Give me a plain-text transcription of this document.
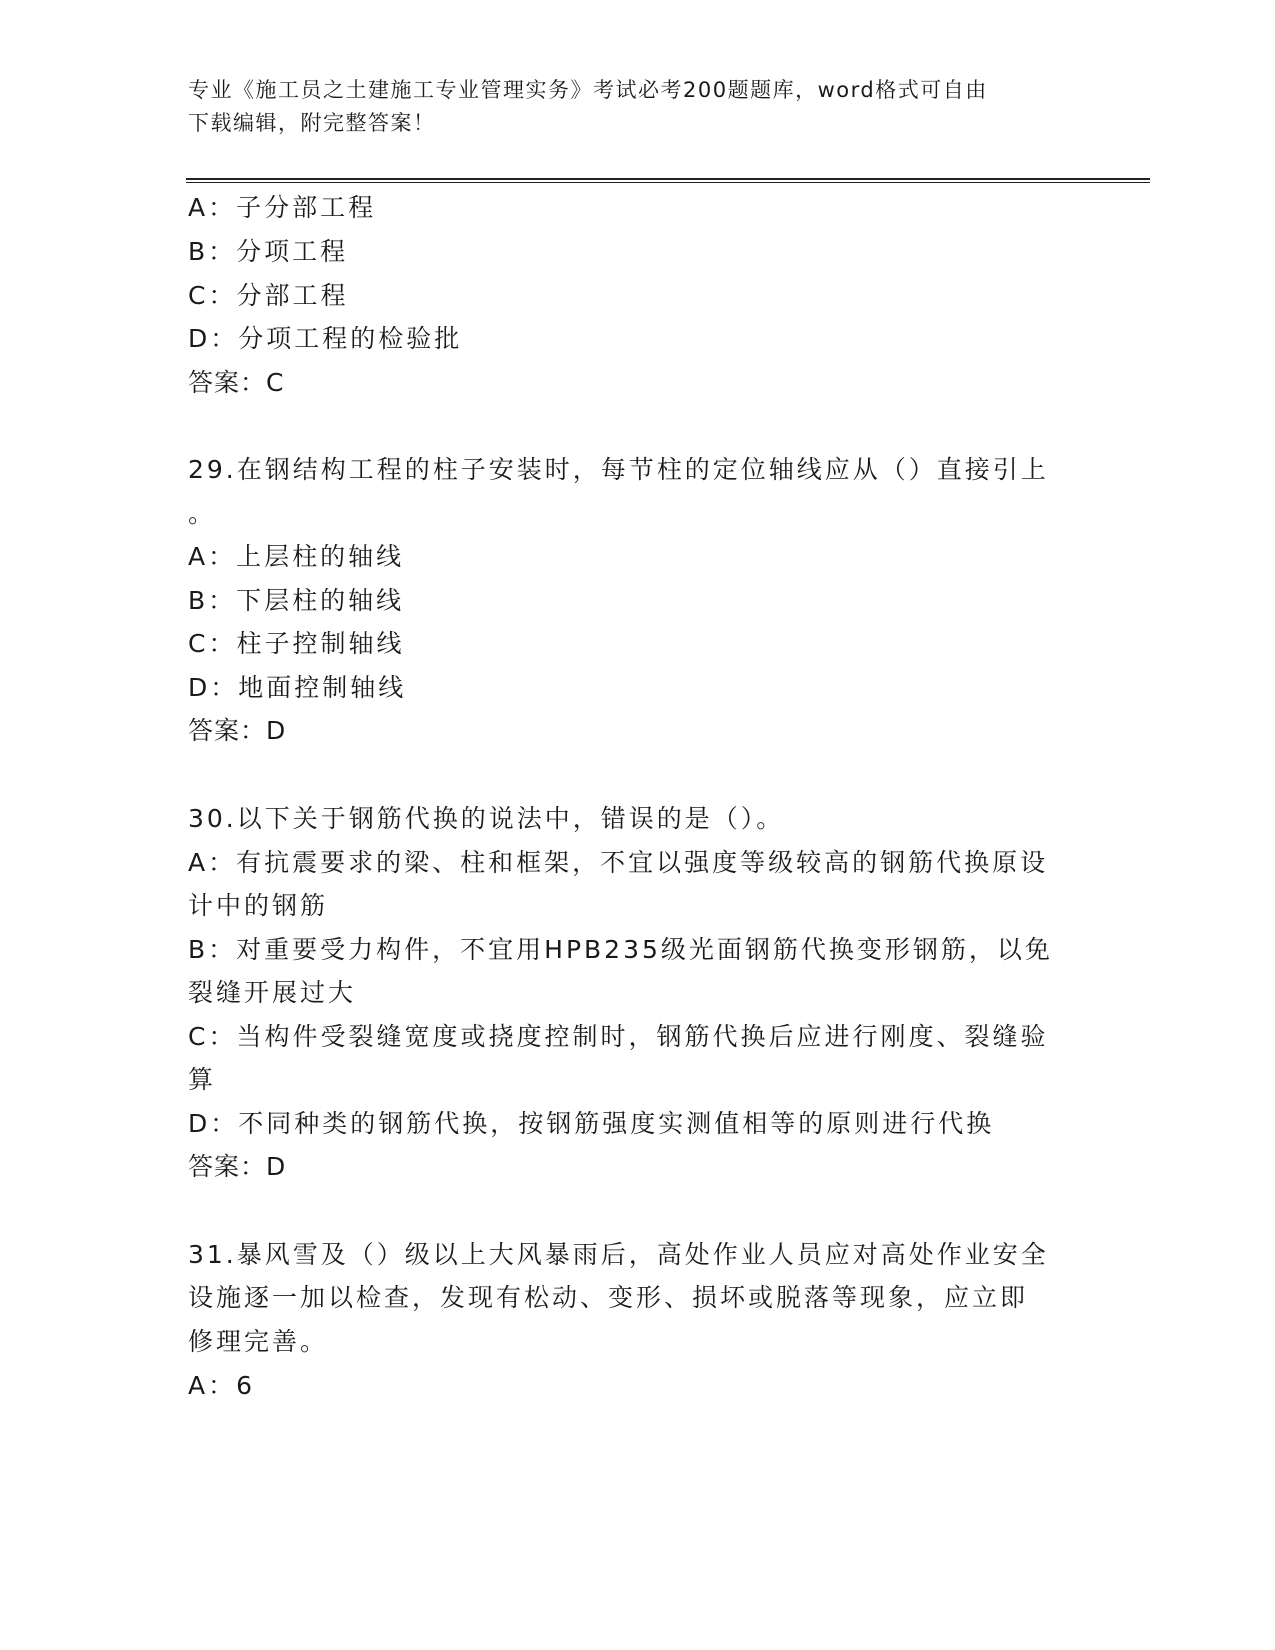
专业《施工员之土建施工专业管理实务》考试必考200题题库，word格式可自由
下载编辑，附完整答案！
A：子分部工程
B：分项工程
C：分部工程
D：分项工程的检验批
答案：C
29.在钢结构工程的柱子安装时，每节柱的定位轴线应从（）直接引上
。
A：上层柱的轴线
B：下层柱的轴线
C：柱子控制轴线
D：地面控制轴线
答案：D
30.以下关于钢筋代换的说法中，错误的是（）。
A：有抗震要求的梁、柱和框架，不宜以强度等级较高的钢筋代换原设
计中的钢筋
B：对重要受力构件，不宜用HPB235级光面钢筋代换变形钢筋，以免
裂缝开展过大
C：当构件受裂缝宽度或挠度控制时，钢筋代换后应进行刚度、裂缝验
算
D：不同种类的钢筋代换，按钢筋强度实测值相等的原则进行代换
答案：D
31.暴风雪及（）级以上大风暴雨后，高处作业人员应对高处作业安全
设施逐一加以检查，发现有松动、变形、损坏或脱落等现象，应立即
修理完善。
A：6
